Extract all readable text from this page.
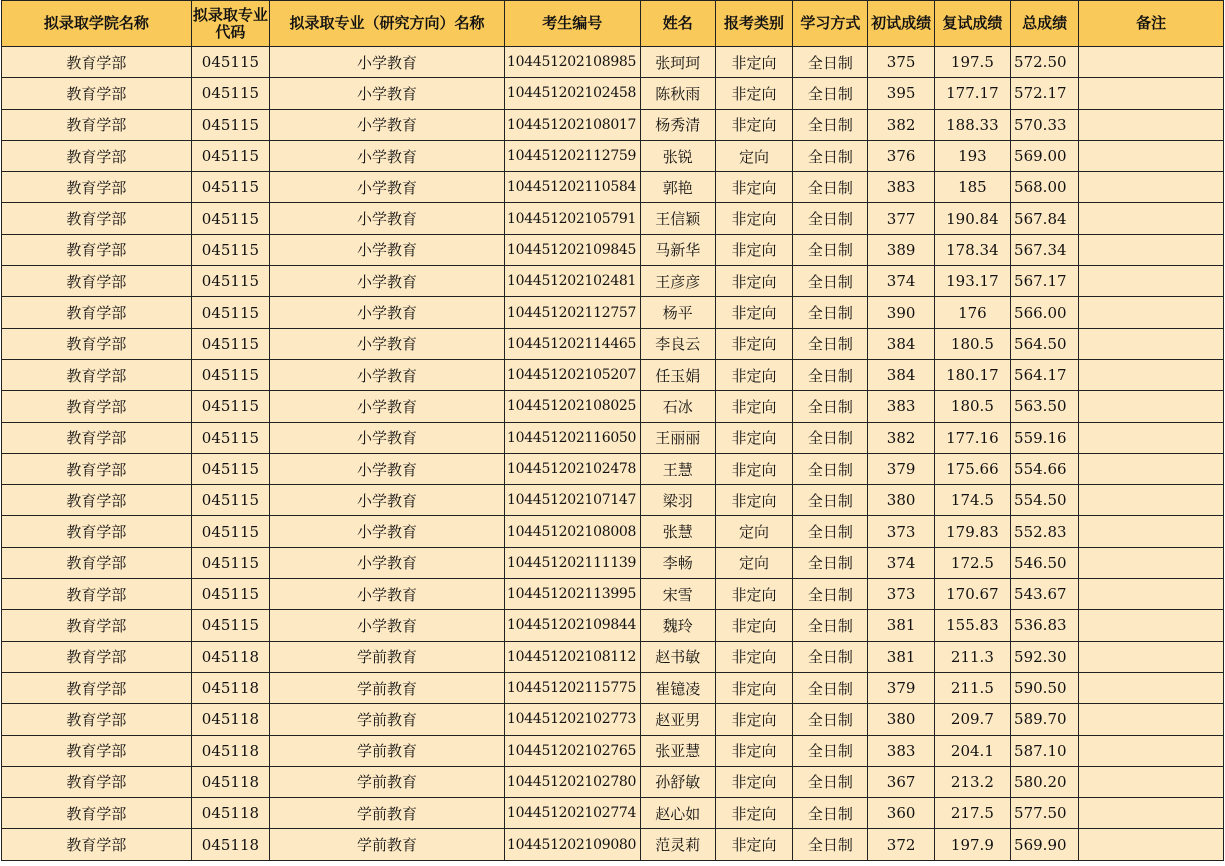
拟录取学院名称	拟录取专业代码	拟录取专业（研究方向）名称	考生编号	姓名	报考类别	学习方式	初试成绩	复试成绩	总成绩	备注
教育学部	045115	小学教育	104451202108985	张珂珂	非定向	全日制	375	197.5	572.50	
教育学部	045115	小学教育	104451202102458	陈秋雨	非定向	全日制	395	177.17	572.17	
教育学部	045115	小学教育	104451202108017	杨秀清	非定向	全日制	382	188.33	570.33	
教育学部	045115	小学教育	104451202112759	张锐	定向	全日制	376	193	569.00	
教育学部	045115	小学教育	104451202110584	郭艳	非定向	全日制	383	185	568.00	
教育学部	045115	小学教育	104451202105791	王信颖	非定向	全日制	377	190.84	567.84	
教育学部	045115	小学教育	104451202109845	马新华	非定向	全日制	389	178.34	567.34	
教育学部	045115	小学教育	104451202102481	王彦彦	非定向	全日制	374	193.17	567.17	
教育学部	045115	小学教育	104451202112757	杨平	非定向	全日制	390	176	566.00	
教育学部	045115	小学教育	104451202114465	李良云	非定向	全日制	384	180.5	564.50	
教育学部	045115	小学教育	104451202105207	任玉娟	非定向	全日制	384	180.17	564.17	
教育学部	045115	小学教育	104451202108025	石冰	非定向	全日制	383	180.5	563.50	
教育学部	045115	小学教育	104451202116050	王丽丽	非定向	全日制	382	177.16	559.16	
教育学部	045115	小学教育	104451202102478	王慧	非定向	全日制	379	175.66	554.66	
教育学部	045115	小学教育	104451202107147	梁羽	非定向	全日制	380	174.5	554.50	
教育学部	045115	小学教育	104451202108008	张慧	定向	全日制	373	179.83	552.83	
教育学部	045115	小学教育	104451202111139	李畅	定向	全日制	374	172.5	546.50	
教育学部	045115	小学教育	104451202113995	宋雪	非定向	全日制	373	170.67	543.67	
教育学部	045115	小学教育	104451202109844	魏玲	非定向	全日制	381	155.83	536.83	
教育学部	045118	学前教育	104451202108112	赵书敏	非定向	全日制	381	211.3	592.30	
教育学部	045118	学前教育	104451202115775	崔镱凌	非定向	全日制	379	211.5	590.50	
教育学部	045118	学前教育	104451202102773	赵亚男	非定向	全日制	380	209.7	589.70	
教育学部	045118	学前教育	104451202102765	张亚慧	非定向	全日制	383	204.1	587.10	
教育学部	045118	学前教育	104451202102780	孙舒敏	非定向	全日制	367	213.2	580.20	
教育学部	045118	学前教育	104451202102774	赵心如	非定向	全日制	360	217.5	577.50	
教育学部	045118	学前教育	104451202109080	范灵莉	非定向	全日制	372	197.9	569.90	
